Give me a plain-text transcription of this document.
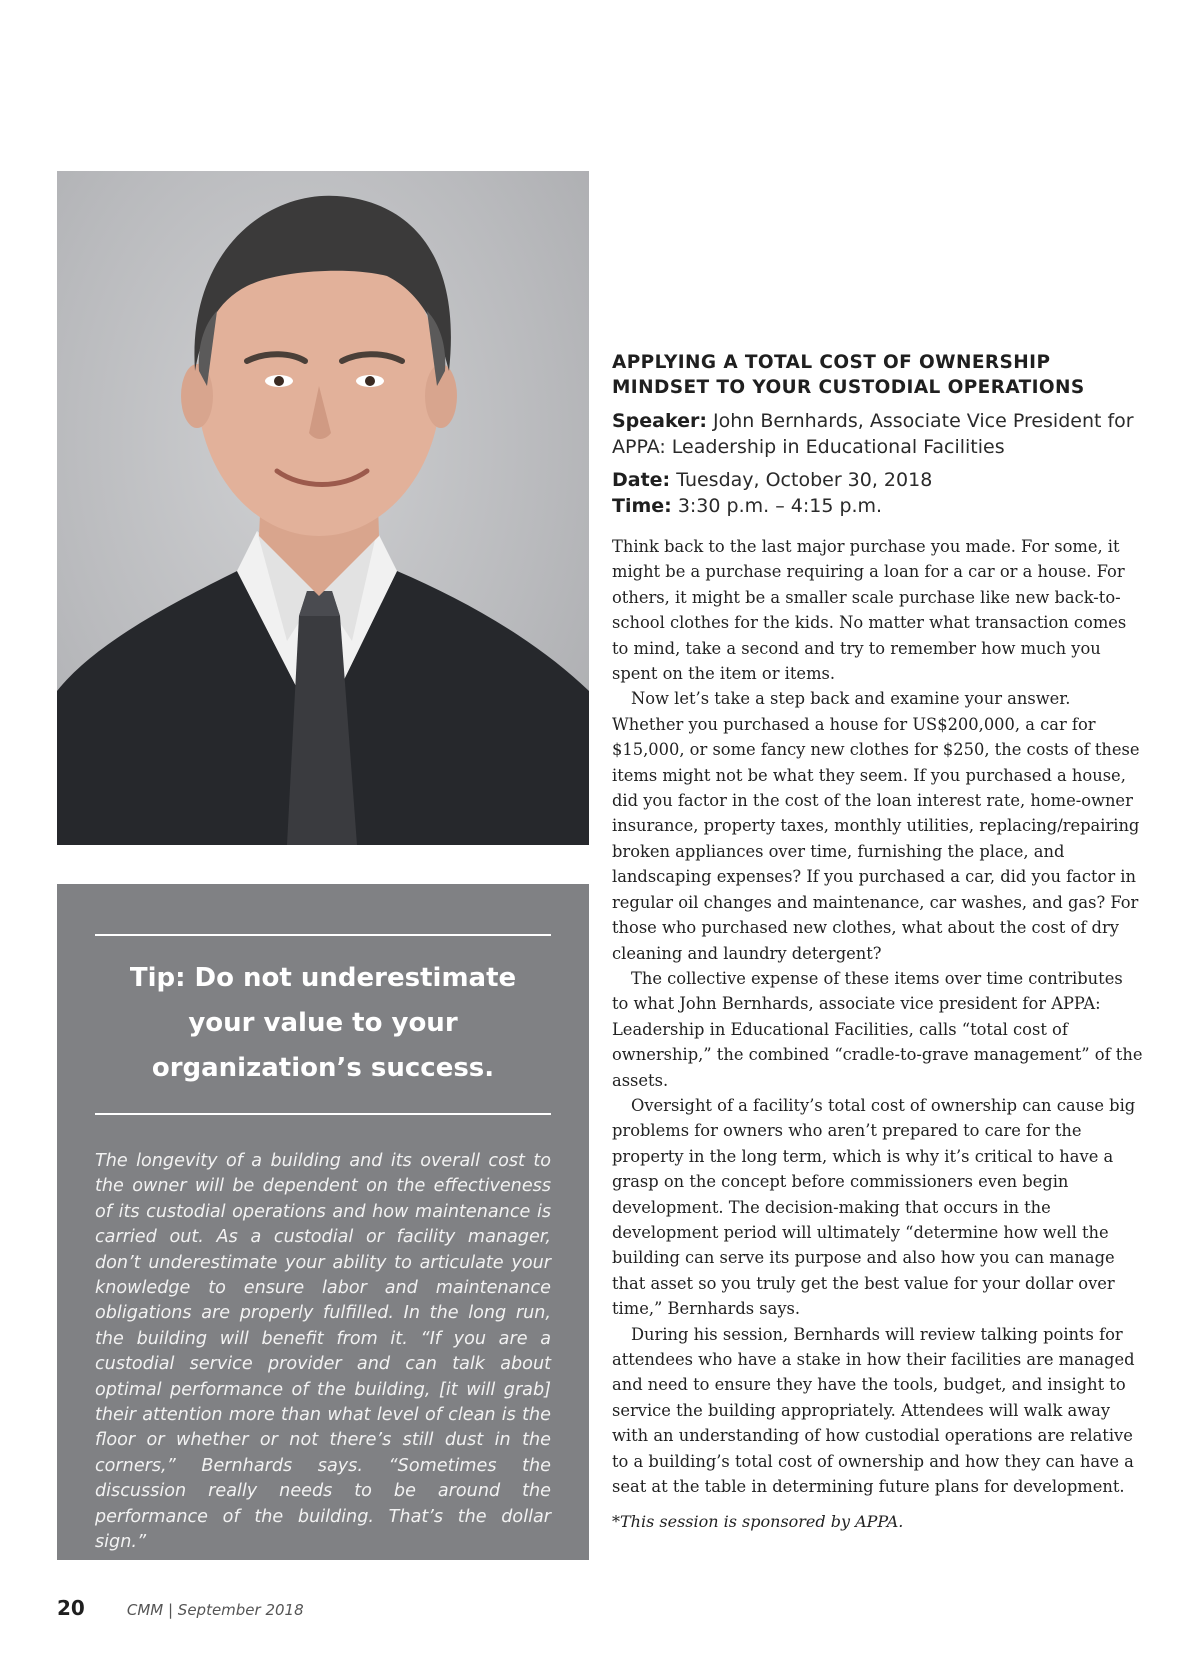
Tip: Do not underestimate your value to your organization’s success.
The longevity of a building and its overall cost to the owner will be dependent on the effectiveness of its custodial operations and how maintenance is carried out. As a custodial or facility manager, don’t underestimate your ability to articulate your knowledge to ensure labor and maintenance obligations are properly fulfilled. In the long run, the building will benefit from it. “If you are a custodial service provider and can talk about optimal performance of the building, [it will grab] their attention more than what level of clean is the floor or whether or not there’s still dust in the corners,” Bernhards says. “Sometimes the discussion really needs to be around the performance of the building. That’s the dollar sign.”
APPLYING A TOTAL COST OF OWNERSHIP
MINDSET TO YOUR CUSTODIAL OPERATIONS
Speaker: John Bernhards, Associate Vice President for APPA: Leadership in Educational Facilities
Date: Tuesday, October 30, 2018
Time: 3:30 p.m. – 4:15 p.m.

Think back to the last major purchase you made. For some, it might be a purchase requiring a loan for a car or a house. For others, it might be a smaller scale purchase like new back-to-school clothes for the kids. No matter what transaction comes to mind, take a second and try to remember how much you spent on the item or items.

Now let’s take a step back and examine your answer. Whether you purchased a house for US$200,000, a car for $15,000, or some fancy new clothes for $250, the costs of these items might not be what they seem. If you purchased a house, did you factor in the cost of the loan interest rate, home-owner insurance, property taxes, monthly utilities, replacing/repairing broken appliances over time, furnishing the place, and landscaping expenses? If you purchased a car, did you factor in regular oil changes and maintenance, car washes, and gas? For those who purchased new clothes, what about the cost of dry cleaning and laundry detergent?

The collective expense of these items over time contributes to what John Bernhards, associate vice president for APPA: Leadership in Educational Facilities, calls “total cost of ownership,” the combined “cradle-to-grave management” of the assets.

Oversight of a facility’s total cost of ownership can cause big problems for owners who aren’t prepared to care for the property in the long term, which is why it’s critical to have a grasp on the concept before commissioners even begin development. The decision-making that occurs in the development period will ultimately “determine how well the building can serve its purpose and also how you can manage that asset so you truly get the best value for your dollar over time,” Bernhards says.

During his session, Bernhards will review talking points for attendees who have a stake in how their facilities are managed and need to ensure they have the tools, budget, and insight to service the building appropriately. Attendees will walk away with an understanding of how custodial operations are relative to a building’s total cost of ownership and how they can have a seat at the table in determining future plans for development.

*This session is sponsored by APPA.
20	CMM | September 2018
